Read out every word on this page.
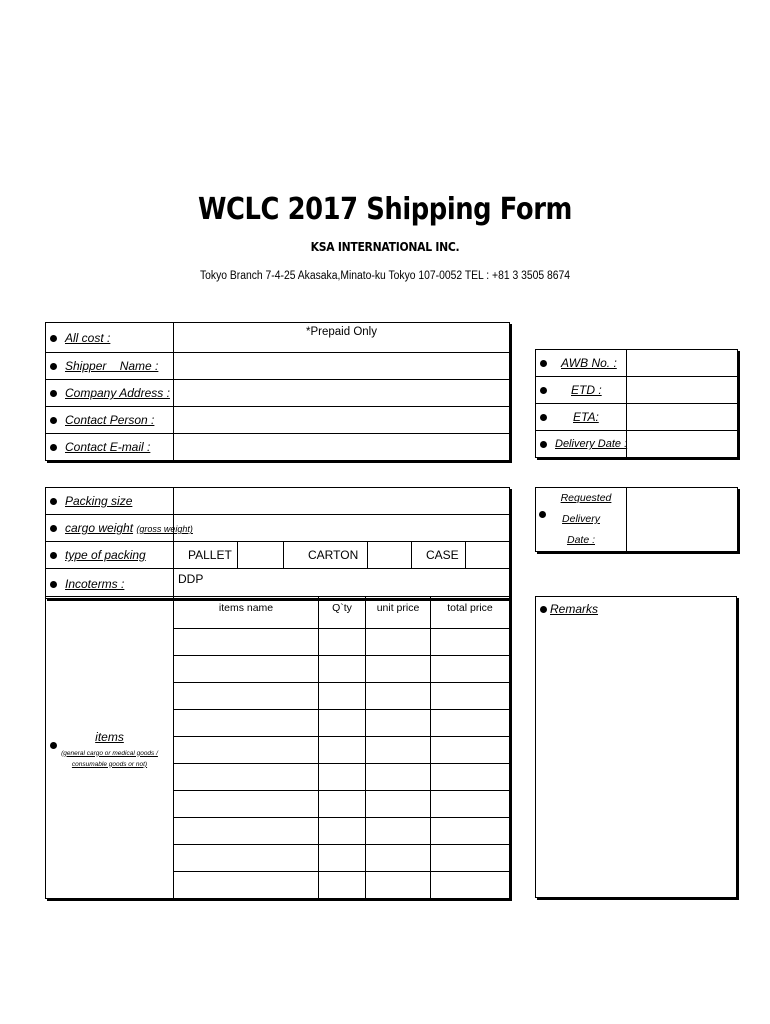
WCLC 2017 Shipping Form
KSA INTERNATIONAL INC.
Tokyo Branch 7-4-25 Akasaka,Minato-ku Tokyo 107-0052 TEL : +81 3 3505 8674
All cost :	*Prepaid Only
Shipper    Name :	
Company Address :	
Contact Person :	
Contact E-mail :	
AWB No. :	
ETD :	
ETA:	
Delivery Date :	
Packing size						
cargo weight (gross weight)						
type of packing	PALLET		CARTON		CASE	
Incoterms :	DDP					
Requested Delivery
Date :	
items
(general cargo or medical goods /
consumable goods or not)	items name	Q`ty	unit price	total price

				Remarks
